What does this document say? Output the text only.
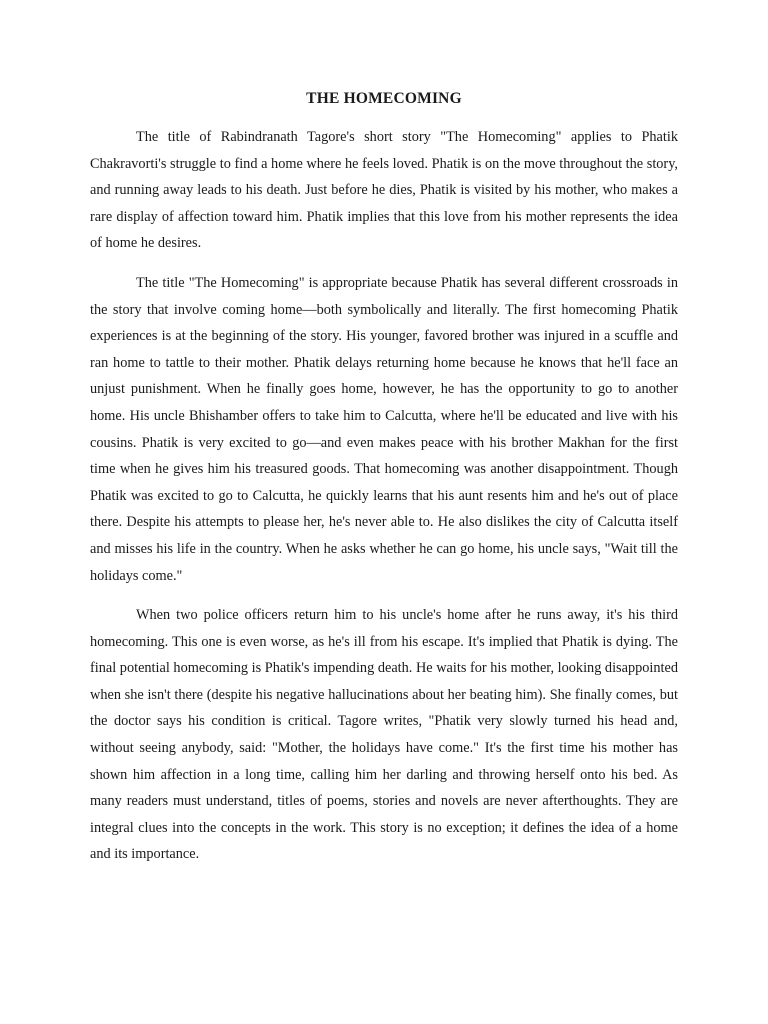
THE HOMECOMING

The title of Rabindranath Tagore's short story "The Homecoming" applies to Phatik Chakravorti's struggle to find a home where he feels loved. Phatik is on the move throughout the story, and running away leads to his death. Just before he dies, Phatik is visited by his mother, who makes a rare display of affection toward him. Phatik implies that this love from his mother represents the idea of home he desires.

The title "The Homecoming" is appropriate because Phatik has several different crossroads in the story that involve coming home—both symbolically and literally. The first homecoming Phatik experiences is at the beginning of the story. His younger, favored brother was injured in a scuffle and ran home to tattle to their mother. Phatik delays returning home because he knows that he'll face an unjust punishment. When he finally goes home, however, he has the opportunity to go to another home. His uncle Bhishamber offers to take him to Calcutta, where he'll be educated and live with his cousins. Phatik is very excited to go—and even makes peace with his brother Makhan for the first time when he gives him his treasured goods. That homecoming was another disappointment. Though Phatik was excited to go to Calcutta, he quickly learns that his aunt resents him and he's out of place there. Despite his attempts to please her, he's never able to. He also dislikes the city of Calcutta itself and misses his life in the country. When he asks whether he can go home, his uncle says, "Wait till the holidays come."

When two police officers return him to his uncle's home after he runs away, it's his third homecoming. This one is even worse, as he's ill from his escape. It's implied that Phatik is dying. The final potential homecoming is Phatik's impending death. He waits for his mother, looking disappointed when she isn't there (despite his negative hallucinations about her beating him). She finally comes, but the doctor says his condition is critical. Tagore writes, "Phatik very slowly turned his head and, without seeing anybody, said: "Mother, the holidays have come." It's the first time his mother has shown him affection in a long time, calling him her darling and throwing herself onto his bed. As many readers must understand, titles of poems, stories and novels are never afterthoughts. They are integral clues into the concepts in the work. This story is no exception; it defines the idea of a home and its importance.
